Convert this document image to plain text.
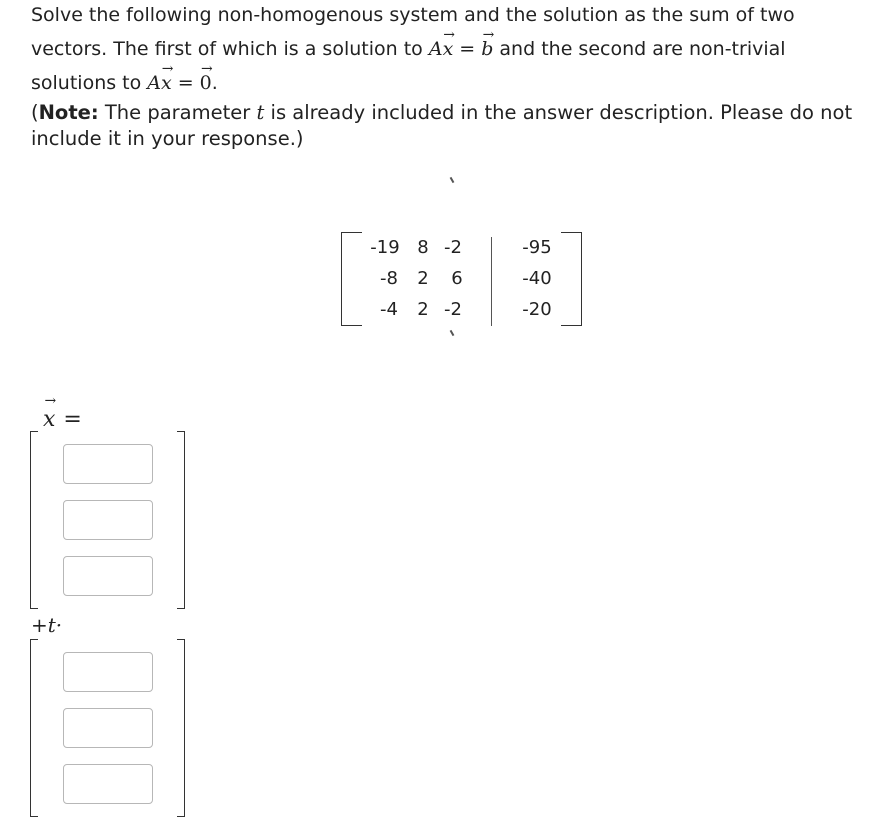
Solve the following non-homogenous system and the solution as the sum of two vectors. The first of which is a solution to A→ x = → b and the second are non-trivial solutions to A→ x = → 0.

(Note: The parameter t is already included in the answer description. Please do not include it in your response.)

-19 8 -2	-95
-8	2	6	-40
-4	2 -2	-20
→ x =
+t·
